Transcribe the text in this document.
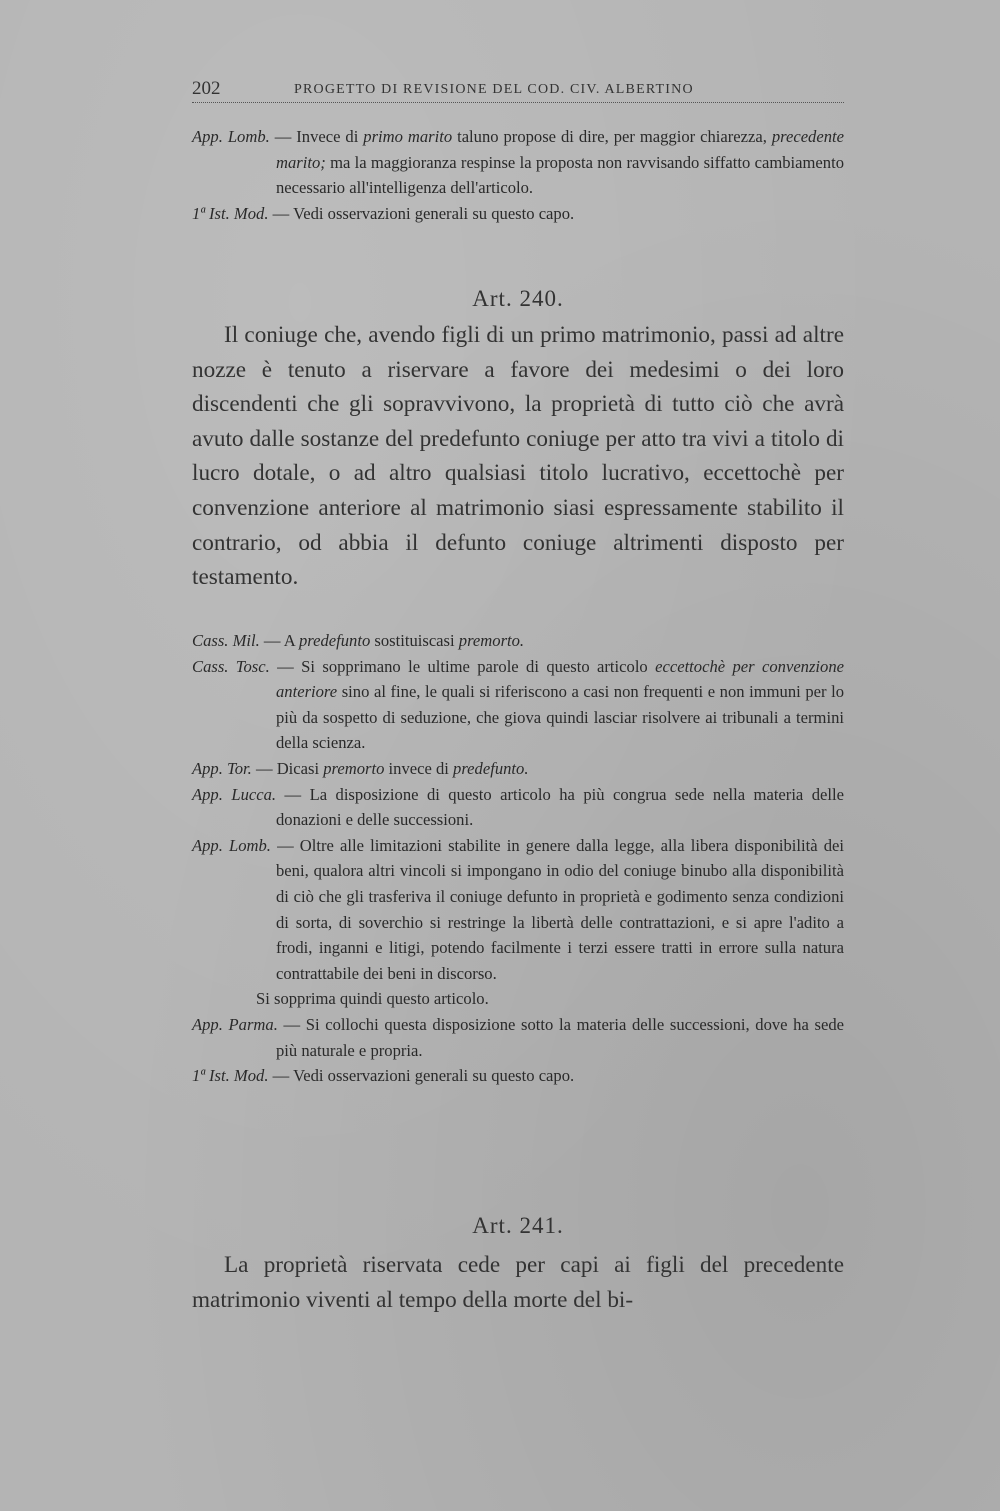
202	PROGETTO DI REVISIONE DEL COD. CIV. ALBERTINO

App. Lomb. — Invece di primo marito taluno propose di dire, per maggior chiarezza, precedente marito; ma la maggioranza respinse la proposta non ravvisando siffatto cambiamento necessario all'intelligenza dell'articolo.

1ª Ist. Mod. — Vedi osservazioni generali su questo capo.

Art. 240.

Il coniuge che, avendo figli di un primo matrimonio, passi ad altre nozze è tenuto a riservare a favore dei medesimi o dei loro discendenti che gli sopravvivono, la proprietà di tutto ciò che avrà avuto dalle sostanze del predefunto coniuge per atto tra vivi a titolo di lucro dotale, o ad altro qualsiasi titolo lucrativo, eccettochè per convenzione anteriore al matrimonio siasi espressamente stabilito il contrario, od abbia il defunto coniuge altrimenti disposto per testamento.

Cass. Mil. — A predefunto sostituiscasi premorto.

Cass. Tosc. — Si sopprimano le ultime parole di questo articolo eccettochè per convenzione anteriore sino al fine, le quali si riferiscono a casi non frequenti e non immuni per lo più da sospetto di seduzione, che giova quindi lasciar risolvere ai tribunali a termini della scienza.

App. Tor. — Dicasi premorto invece di predefunto.

App. Lucca. — La disposizione di questo articolo ha più congrua sede nella materia delle donazioni e delle successioni.

App. Lomb. — Oltre alle limitazioni stabilite in genere dalla legge, alla libera disponibilità dei beni, qualora altri vincoli si impongano in odio del coniuge binubo alla disponibilità di ciò che gli trasferiva il coniuge defunto in proprietà e godimento senza condizioni di sorta, di soverchio si restringe la libertà delle contrattazioni, e si apre l'adito a frodi, inganni e litigi, potendo facilmente i terzi essere tratti in errore sulla natura contrattabile dei beni in discorso.

Si sopprima quindi questo articolo.

App. Parma. — Si collochi questa disposizione sotto la materia delle successioni, dove ha sede più naturale e propria.

1ª Ist. Mod. — Vedi osservazioni generali su questo capo.

Art. 241.

La proprietà riservata cede per capi ai figli del precedente matrimonio viventi al tempo della morte del bi-
